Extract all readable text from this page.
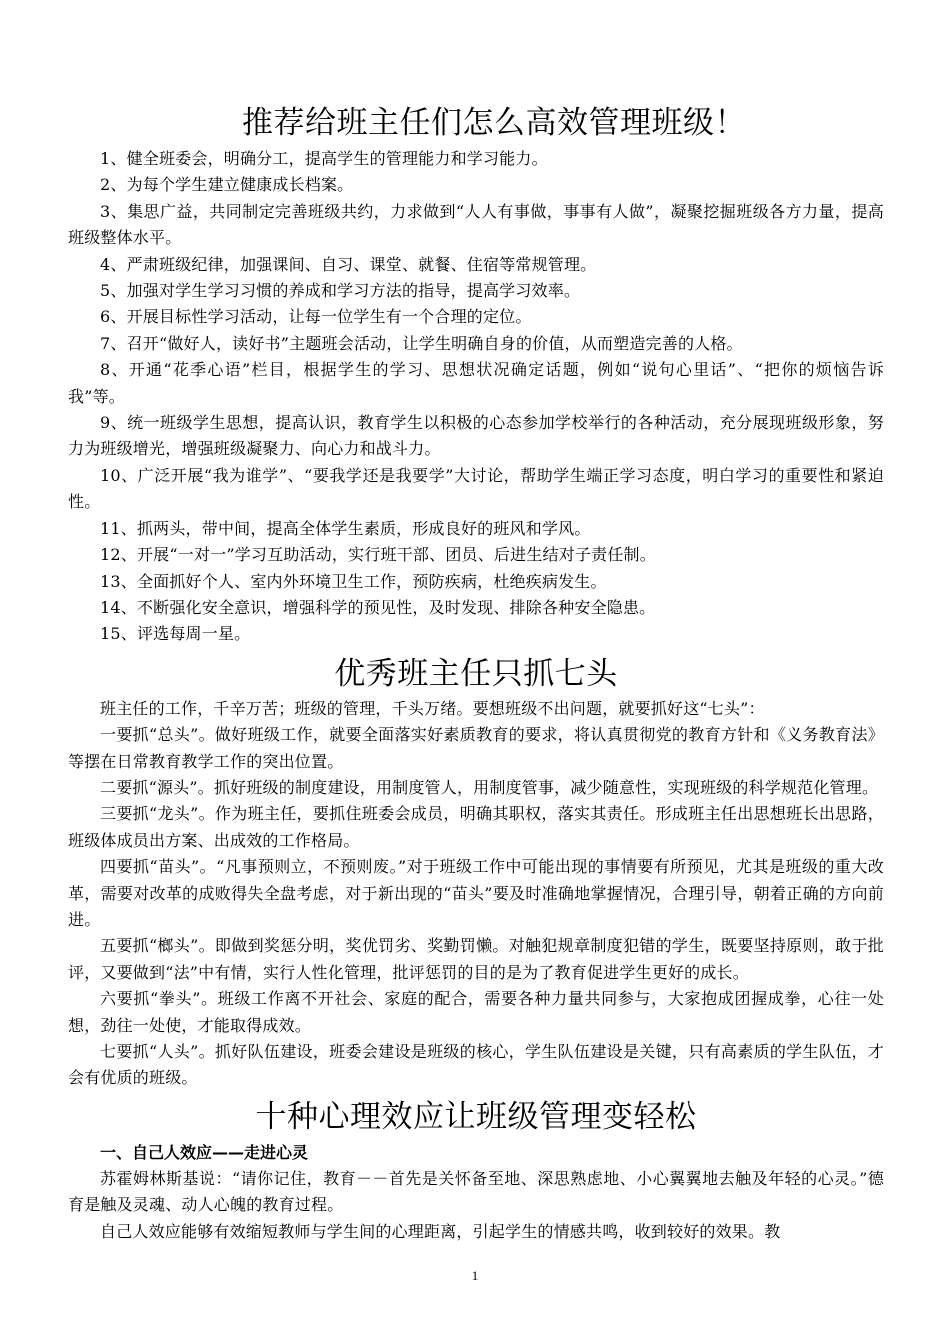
推荐给班主任们怎么高效管理班级！

1、健全班委会，明确分工，提高学生的管理能力和学习能力。

2、为每个学生建立健康成长档案。

3、集思广益，共同制定完善班级共约，力求做到“人人有事做，事事有人做”，凝聚挖掘班级各方力量，提高班级整体水平。

4、严肃班级纪律，加强课间、自习、课堂、就餐、住宿等常规管理。

5、加强对学生学习习惯的养成和学习方法的指导，提高学习效率。

6、开展目标性学习活动，让每一位学生有一个合理的定位。

7、召开“做好人，读好书”主题班会活动，让学生明确自身的价值，从而塑造完善的人格。

8、开通“花季心语”栏目，根据学生的学习、思想状况确定话题，例如“说句心里话”、“把你的烦恼告诉我”等。

9、统一班级学生思想，提高认识，教育学生以积极的心态参加学校举行的各种活动，充分展现班级形象，努力为班级增光，增强班级凝聚力、向心力和战斗力。

10、广泛开展“我为谁学”、“要我学还是我要学”大讨论，帮助学生端正学习态度，明白学习的重要性和紧迫性。

11、抓两头，带中间，提高全体学生素质，形成良好的班风和学风。

12、开展“一对一”学习互助活动，实行班干部、团员、后进生结对子责任制。

13、全面抓好个人、室内外环境卫生工作，预防疾病，杜绝疾病发生。

14、不断强化安全意识，增强科学的预见性，及时发现、排除各种安全隐患。

15、评选每周一星。

优秀班主任只抓七头

班主任的工作，千辛万苦；班级的管理，千头万绪。要想班级不出问题，就要抓好这“七头”：

一要抓“总头”。做好班级工作，就要全面落实好素质教育的要求，将认真贯彻党的教育方针和《义务教育法》等摆在日常教育教学工作的突出位置。

二要抓“源头”。抓好班级的制度建设，用制度管人，用制度管事，减少随意性，实现班级的科学规范化管理。

三要抓“龙头”。作为班主任，要抓住班委会成员，明确其职权，落实其责任。形成班主任出思想班长出思路，班级体成员出方案、出成效的工作格局。

四要抓“苗头”。“凡事预则立，不预则废。”对于班级工作中可能出现的事情要有所预见，尤其是班级的重大改革，需要对改革的成败得失全盘考虑，对于新出现的“苗头”要及时准确地掌握情况，合理引导，朝着正确的方向前进。

五要抓“榔头”。即做到奖惩分明，奖优罚劣、奖勤罚懒。对触犯规章制度犯错的学生，既要坚持原则，敢于批评，又要做到“法”中有情，实行人性化管理，批评惩罚的目的是为了教育促进学生更好的成长。

六要抓“拳头”。班级工作离不开社会、家庭的配合，需要各种力量共同参与，大家抱成团握成拳，心往一处想，劲往一处使，才能取得成效。

七要抓“人头”。抓好队伍建设，班委会建设是班级的核心，学生队伍建设是关键，只有高素质的学生队伍，才会有优质的班级。

十种心理效应让班级管理变轻松

一、自己人效应——走进心灵

苏霍姆林斯基说：“请你记住，教育－－首先是关怀备至地、深思熟虑地、小心翼翼地去触及年轻的心灵。”德育是触及灵魂、动人心魄的教育过程。

自己人效应能够有效缩短教师与学生间的心理距离，引起学生的情感共鸣，收到较好的效果。教

1
